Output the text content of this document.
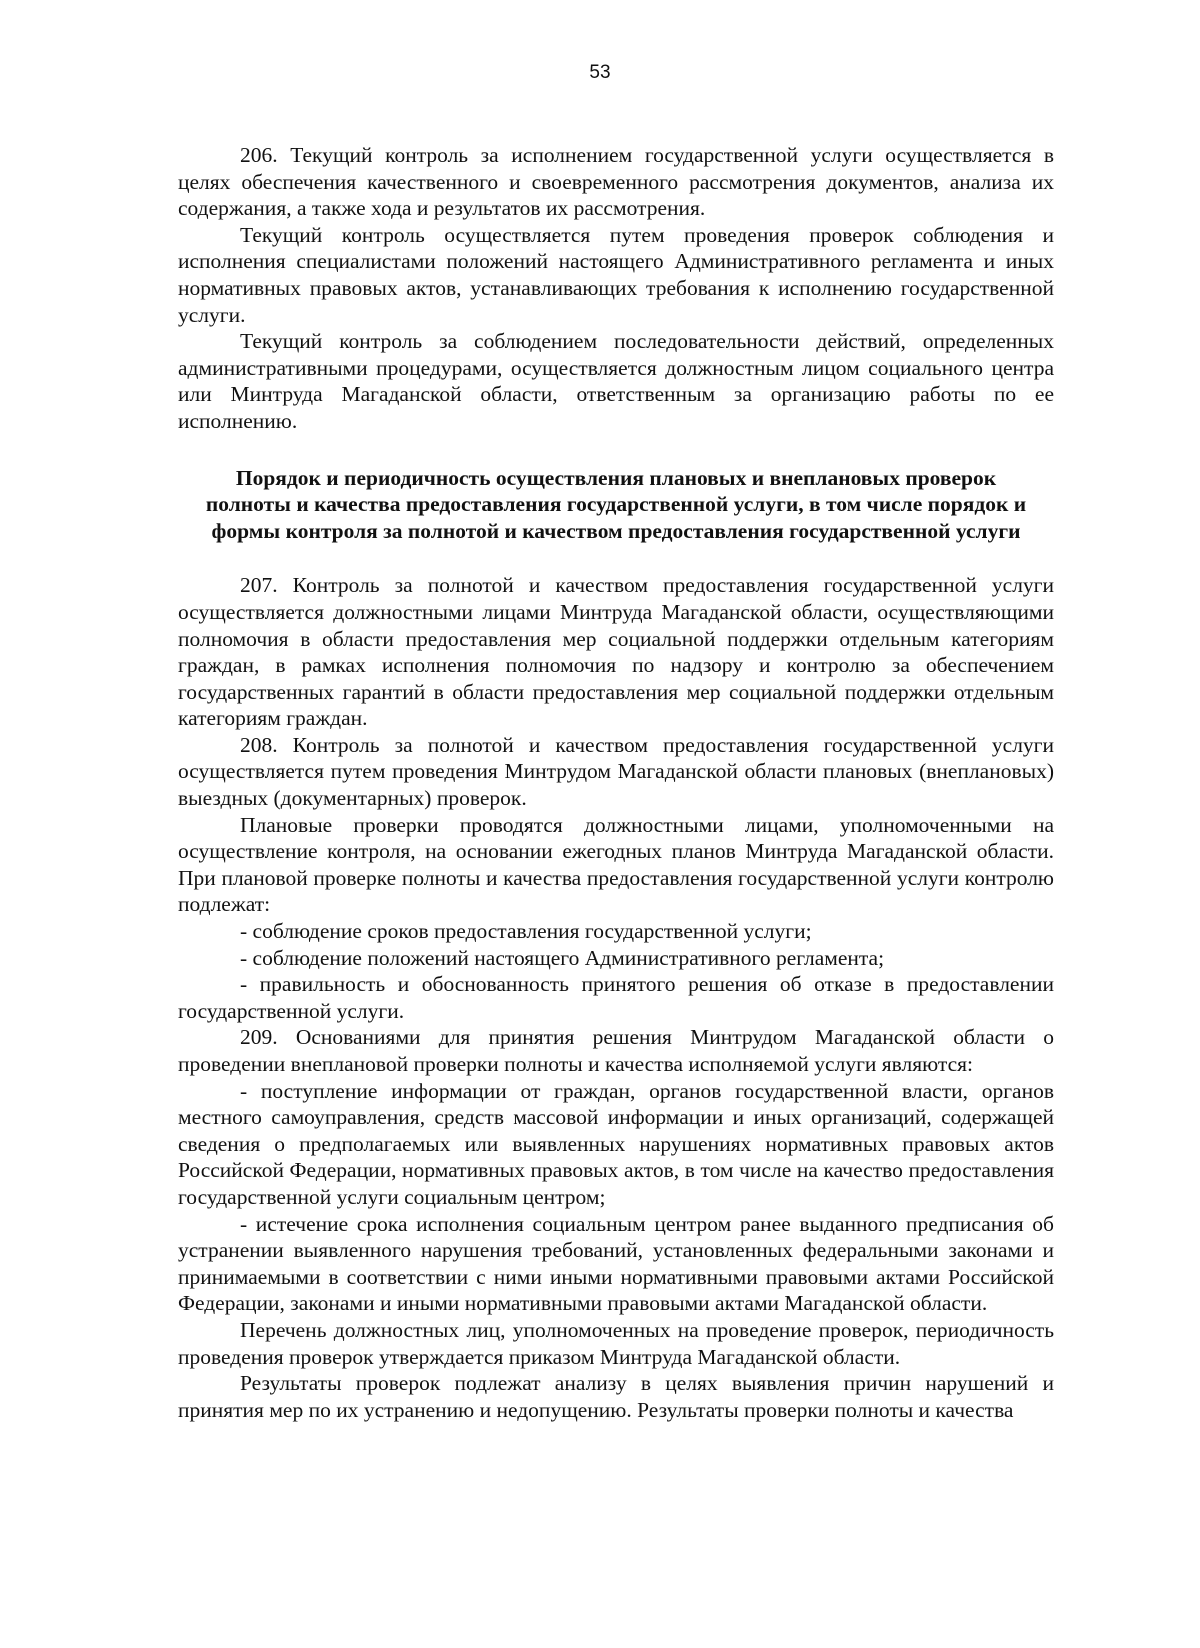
53

206. Текущий контроль за исполнением государственной услуги осуществляется в целях обеспечения качественного и своевременного рассмотрения документов, анализа их содержания, а также хода и результатов их рассмотрения.

Текущий контроль осуществляется путем проведения проверок соблюдения и исполнения специалистами положений настоящего Административного регламента и иных нормативных правовых актов, устанавливающих требования к исполнению государственной услуги.

Текущий контроль за соблюдением последовательности действий, определенных административными процедурами, осуществляется должностным лицом социального центра или Минтруда Магаданской области, ответственным за организацию работы по ее исполнению.

Порядок и периодичность осуществления плановых и внеплановых проверок полноты и качества предоставления государственной услуги, в том числе порядок и формы контроля за полнотой и качеством предоставления государственной услуги

207. Контроль за полнотой и качеством предоставления государственной услуги осуществляется должностными лицами Минтруда Магаданской области, осуществляющими полномочия в области предоставления мер социальной поддержки отдельным категориям граждан, в рамках исполнения полномочия по надзору и контролю за обеспечением государственных гарантий в области предоставления мер социальной поддержки отдельным категориям граждан.

208. Контроль за полнотой и качеством предоставления государственной услуги осуществляется путем проведения Минтрудом Магаданской области плановых (внеплановых) выездных (документарных) проверок.

Плановые проверки проводятся должностными лицами, уполномоченными на осуществление контроля, на основании ежегодных планов Минтруда Магаданской области. При плановой проверке полноты и качества предоставления государственной услуги контролю подлежат:

- соблюдение сроков предоставления государственной услуги;

- соблюдение положений настоящего Административного регламента;

- правильность и обоснованность принятого решения об отказе в предоставлении государственной услуги.

209. Основаниями для принятия решения Минтрудом Магаданской области о проведении внеплановой проверки полноты и качества исполняемой услуги являются:

- поступление информации от граждан, органов государственной власти, органов местного самоуправления, средств массовой информации и иных организаций, содержащей сведения о предполагаемых или выявленных нарушениях нормативных правовых актов Российской Федерации, нормативных правовых актов, в том числе на качество предоставления государственной услуги социальным центром;

- истечение срока исполнения социальным центром ранее выданного предписания об устранении выявленного нарушения требований, установленных федеральными законами и принимаемыми в соответствии с ними иными нормативными правовыми актами Российской Федерации, законами и иными нормативными правовыми актами Магаданской области.

Перечень должностных лиц, уполномоченных на проведение проверок, периодичность проведения проверок утверждается приказом Минтруда Магаданской области.

Результаты проверок подлежат анализу в целях выявления причин нарушений и принятия мер по их устранению и недопущению. Результаты проверки полноты и качества
